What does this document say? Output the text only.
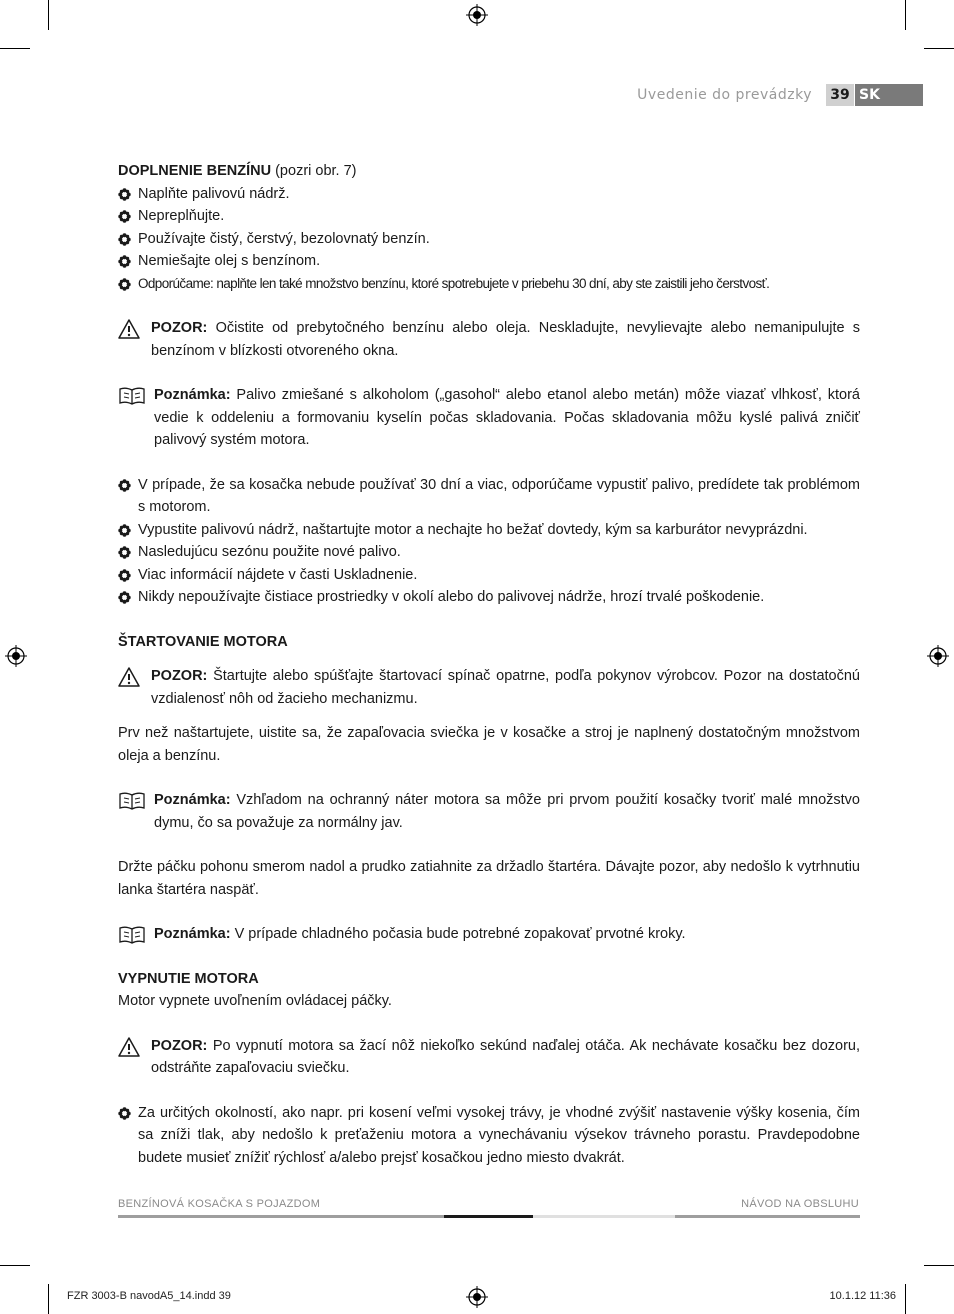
Uvedenie do prevádzky	39 SK

DOPLNENIE BENZÍNU (pozri obr. 7)

Naplňte palivovú nádrž.
Nepreplňujte.
Používajte čistý, čerstvý, bezolovnatý benzín.
Nemiešajte olej s benzínom.
Odporúčame: naplňte len také množstvo benzínu, ktoré spotrebujete v priebehu 30 dní, aby ste zaistili jeho čerstvosť.
POZOR: Očistite od prebytočného benzínu alebo oleja. Neskladujte, nevylievajte alebo nemanipulujte s benzínom v blízkosti otvoreného okna.
Poznámka: Palivo zmiešané s alkoholom („gasohol“ alebo etanol alebo metán) môže viazať vlhkosť, ktorá vedie k oddeleniu a formovaniu kyselín počas skladovania. Počas skladovania môžu kyslé palivá zničiť palivový systém motora.
V prípade, že sa kosačka nebude používať 30 dní a viac, odporúčame vypustiť palivo, predídete tak problémom s motorom.
Vypustite palivovú nádrž, naštartujte motor a nechajte ho bežať dovtedy, kým sa karburátor nevyprázdni.
Nasledujúcu sezónu použite nové palivo.
Viac informácií nájdete v časti Uskladnenie.
Nikdy nepoužívajte čistiace prostriedky v okolí alebo do palivovej nádrže, hrozí trvalé poškodenie.

ŠTARTOVANIE MOTORA

POZOR: Štartujte alebo spúšťajte štartovací spínač opatrne, podľa pokynov výrobcov. Pozor na dostatočnú vzdialenosť nôh od žacieho mechanizmu.

Prv než naštartujete, uistite sa, že zapaľovacia sviečka je v kosačke a stroj je naplnený dostatočným množstvom oleja a benzínu.

Poznámka: Vzhľadom na ochranný náter motora sa môže pri prvom použití kosačky tvoriť malé množstvo dymu, čo sa považuje za normálny jav.

Držte páčku pohonu smerom nadol a prudko zatiahnite za držadlo štartéra. Dávajte pozor, aby nedošlo k vytrhnutiu lanka štartéra naspäť.

Poznámka: V prípade chladného počasia bude potrebné zopakovať prvotné kroky.

VYPNUTIE MOTORA

Motor vypnete uvoľnením ovládacej páčky.

POZOR: Po vypnutí motora sa žací nôž niekoľko sekúnd naďalej otáča. Ak nechávate kosačku bez dozoru, odstráňte zapaľovaciu sviečku.
Za určitých okolností, ako napr. pri kosení veľmi vysokej trávy, je vhodné zvýšiť nastavenie výšky kosenia, čím sa zníži tlak, aby nedošlo k preťaženiu motora a vynechávaniu výsekov trávneho porastu. Pravdepodobne budete musieť znížiť rýchlosť a/alebo prejsť kosačkou jedno miesto dvakrát.
BENZÍNOVÁ KOSAČKA S POJAZDOM	NÁVOD NA OBSLUHU
FZR 3003-B navodA5_14.indd 39	10.1.12 11:36
